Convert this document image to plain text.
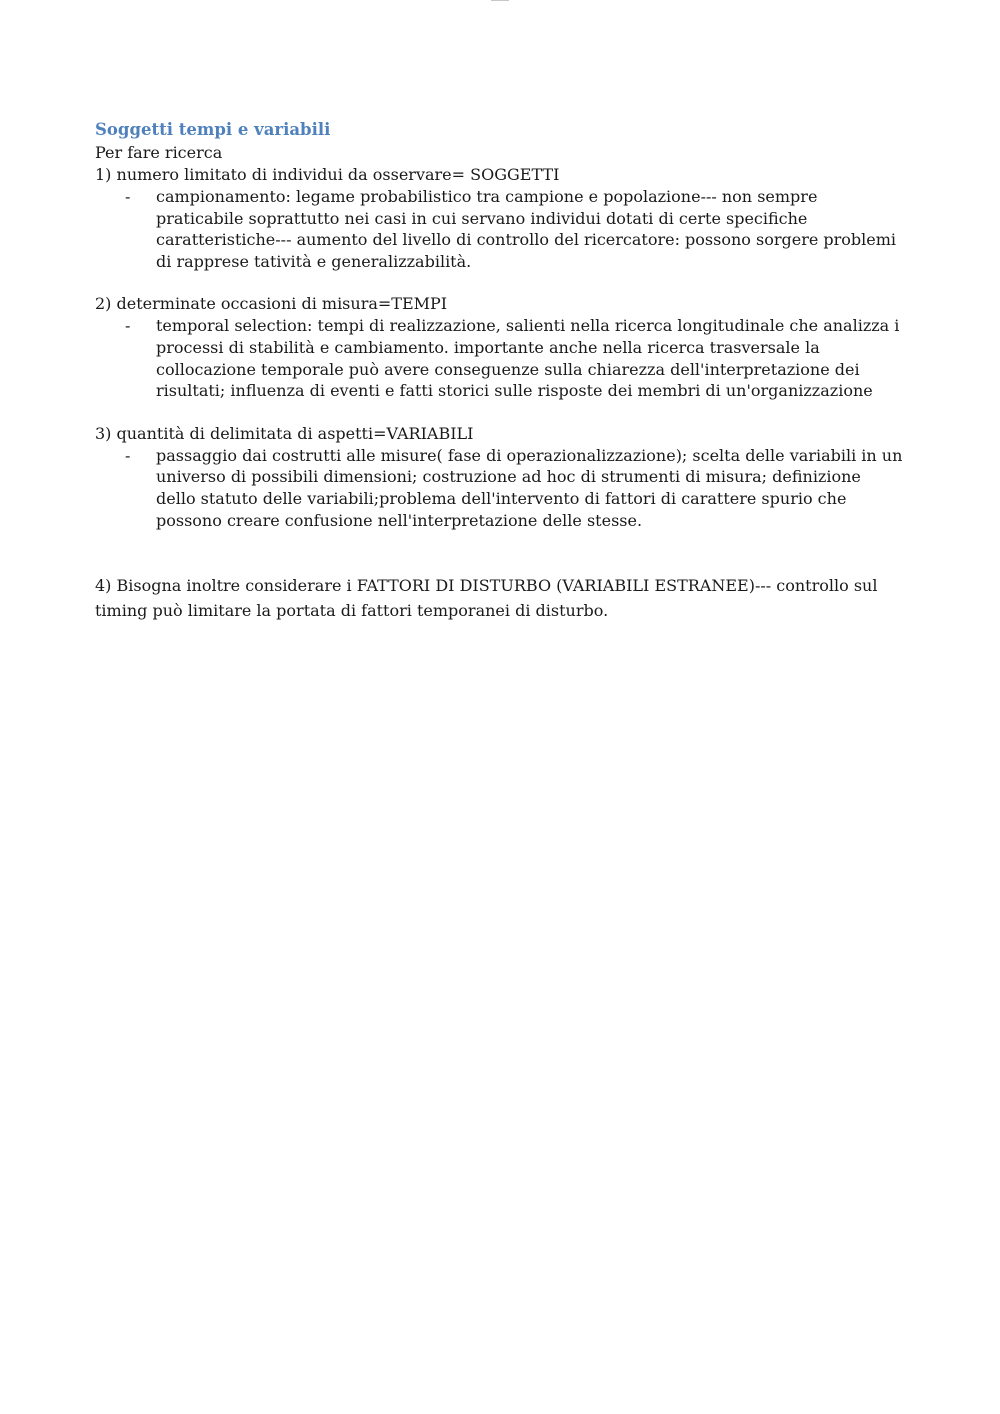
Soggetti tempi e variabili

Per fare ricerca

1) numero limitato di individui da osservare= SOGGETTI

- campionamento: legame probabilistico tra campione e popolazione--- non sempre praticabile soprattutto nei casi in cui servano individui dotati di certe specifiche caratteristiche--- aumento del livello di controllo del ricercatore: possono sorgere problemi di rapprese tatività e generalizzabilità.

2) determinate occasioni di misura=TEMPI

- temporal selection: tempi di realizzazione, salienti nella ricerca longitudinale che analizza i processi di stabilità e cambiamento. importante anche nella ricerca trasversale la collocazione temporale può avere conseguenze sulla chiarezza dell'interpretazione dei risultati; influenza di eventi e fatti storici sulle risposte dei membri di un'organizzazione

3) quantità di delimitata di aspetti=VARIABILI

- passaggio dai costrutti alle misure( fase di operazionalizzazione); scelta delle variabili in un universo di possibili dimensioni; costruzione ad hoc di strumenti di misura; definizione dello statuto delle variabili;problema dell'intervento di fattori di carattere spurio che possono creare confusione nell'interpretazione delle stesse.

4) Bisogna inoltre considerare i FATTORI DI DISTURBO (VARIABILI ESTRANEE)--- controllo sul timing può limitare la portata di fattori temporanei di disturbo.
